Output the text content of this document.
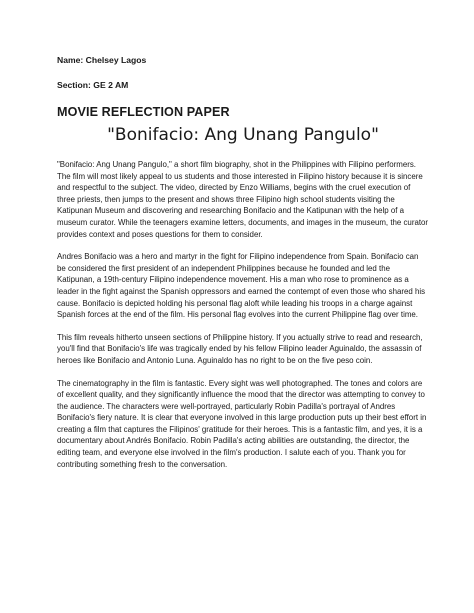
Name: Chelsey Lagos
Section: GE 2 AM
MOVIE REFLECTION PAPER
"Bonifacio: Ang Unang Pangulo"

"Bonifacio: Ang Unang Pangulo," a short film biography, shot in the Philippines with Filipino performers. The film will most likely appeal to us students and those interested in Filipino history because it is sincere and respectful to the subject. The video, directed by Enzo Williams, begins with the cruel execution of three priests, then jumps to the present and shows three Filipino high school students visiting the Katipunan Museum and discovering and researching Bonifacio and the Katipunan with the help of a museum curator. While the teenagers examine letters, documents, and images in the museum, the curator provides context and poses questions for them to consider.

Andres Bonifacio was a hero and martyr in the fight for Filipino independence from Spain. Bonifacio can be considered the first president of an independent Philippines because he founded and led the Katipunan, a 19th-century Filipino independence movement. His a man who rose to prominence as a leader in the fight against the Spanish oppressors and earned the contempt of even those who shared his cause. Bonifacio is depicted holding his personal flag aloft while leading his troops in a charge against Spanish forces at the end of the film. His personal flag evolves into the current Philippine flag over time.

This film reveals hitherto unseen sections of Philippine history. If you actually strive to read and research, you'll find that Bonifacio's life was tragically ended by his fellow Filipino leader Aguinaldo, the assassin of heroes like Bonifacio and Antonio Luna. Aguinaldo has no right to be on the five peso coin.

The cinematography in the film is fantastic. Every sight was well photographed. The tones and colors are of excellent quality, and they significantly influence the mood that the director was attempting to convey to the audience. The characters were well-portrayed, particularly Robin Padilla's portrayal of Andres Bonifacio's fiery nature. It is clear that everyone involved in this large production puts up their best effort in creating a film that captures the Filipinos' gratitude for their heroes. This is a fantastic film, and yes, it is a documentary about Andrés Bonifacio. Robin Padilla's acting abilities are outstanding, the director, the editing team, and everyone else involved in the film's production. I salute each of you. Thank you for contributing something fresh to the conversation.
